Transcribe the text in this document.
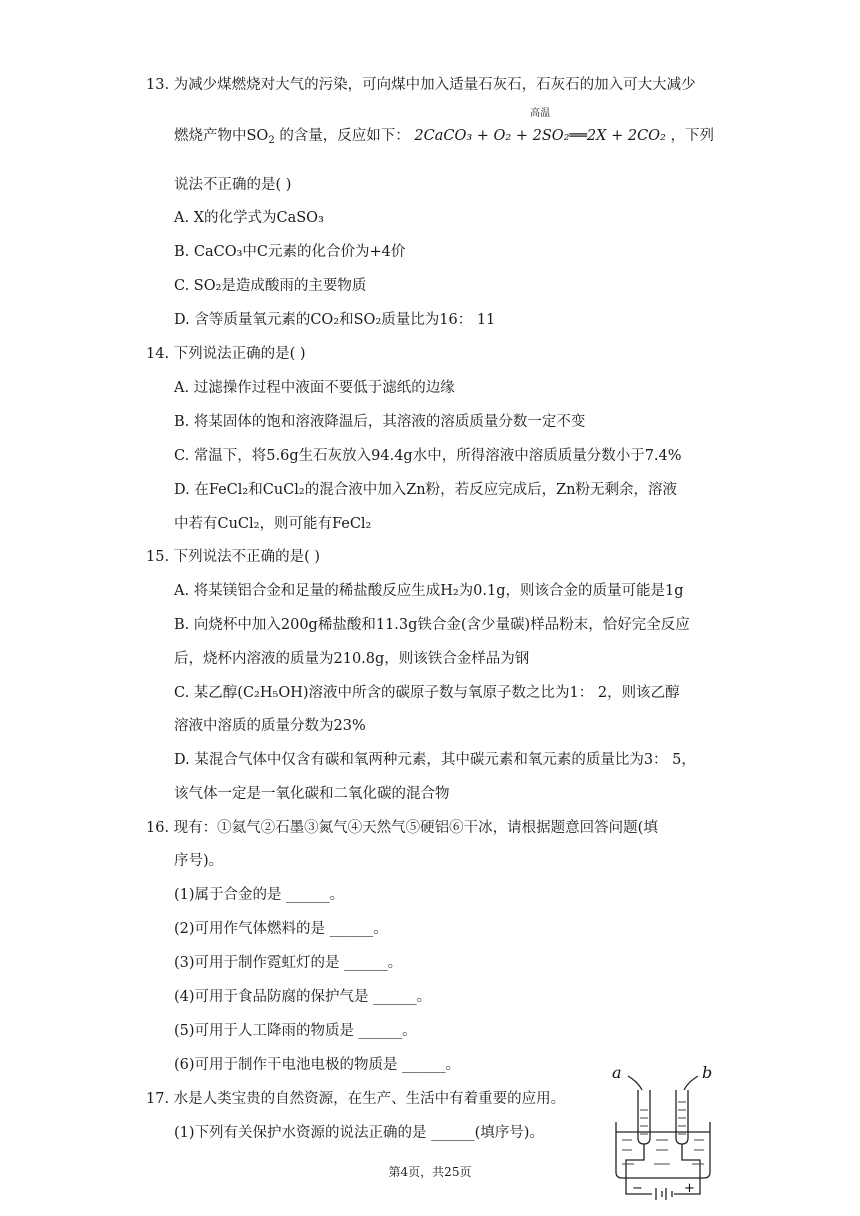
13. 为减少煤燃烧对大气的污染，可向煤中加入适量石灰石，石灰石的加入可大大减少
燃烧产物中$SO_2$ 的含量，反应如下：
高温
2CaCO₃ + O₂ + 2SO₂══2X + 2CO₂ ，下列
说法不正确的是( )
A. X的化学式为CaSO₃
B. CaCO₃中C元素的化合价为+4价
C. SO₂是造成酸雨的主要物质
D. 含等质量氧元素的CO₂和SO₂质量比为16： 11
14. 下列说法正确的是( )
A. 过滤操作过程中液面不要低于滤纸的边缘
B. 将某固体的饱和溶液降温后，其溶液的溶质质量分数一定不变
C. 常温下，将5.6g生石灰放入94.4g水中，所得溶液中溶质质量分数小于7.4%
D. 在FeCl₂和CuCl₂的混合液中加入Zn粉，若反应完成后，Zn粉无剩余，溶液
中若有CuCl₂，则可能有FeCl₂
15. 下列说法不正确的是( )
A. 将某镁铝合金和足量的稀盐酸反应生成H₂为0.1g，则该合金的质量可能是1g
B. 向烧杯中加入200g稀盐酸和11.3g铁合金(含少量碳)样品粉末，恰好完全反应
后，烧杯内溶液的质量为210.8g，则该铁合金样品为钢
C. 某乙醇(C₂H₅OH)溶液中所含的碳原子数与氧原子数之比为1： 2，则该乙醇
溶液中溶质的质量分数为23%
D. 某混合气体中仅含有碳和氧两种元素，其中碳元素和氧元素的质量比为3： 5，
该气体一定是一氧化碳和二氧化碳的混合物
16. 现有：①氦气②石墨③氮气④天然气⑤硬铝⑥干冰，请根据题意回答问题(填
序号)。
(1)属于合金的是 ______。
(2)可用作气体燃料的是 ______。
(3)可用于制作霓虹灯的是 ______。
(4)可用于食品防腐的保护气是 ______。
(5)可用于人工降雨的物质是 ______。
(6)可用于制作干电池电极的物质是 ______。
17. 水是人类宝贵的自然资源，在生产、生活中有着重要的应用。
(1)下列有关保护水资源的说法正确的是 ______(填序号)。
a	b
−	+
第4页，共25页
